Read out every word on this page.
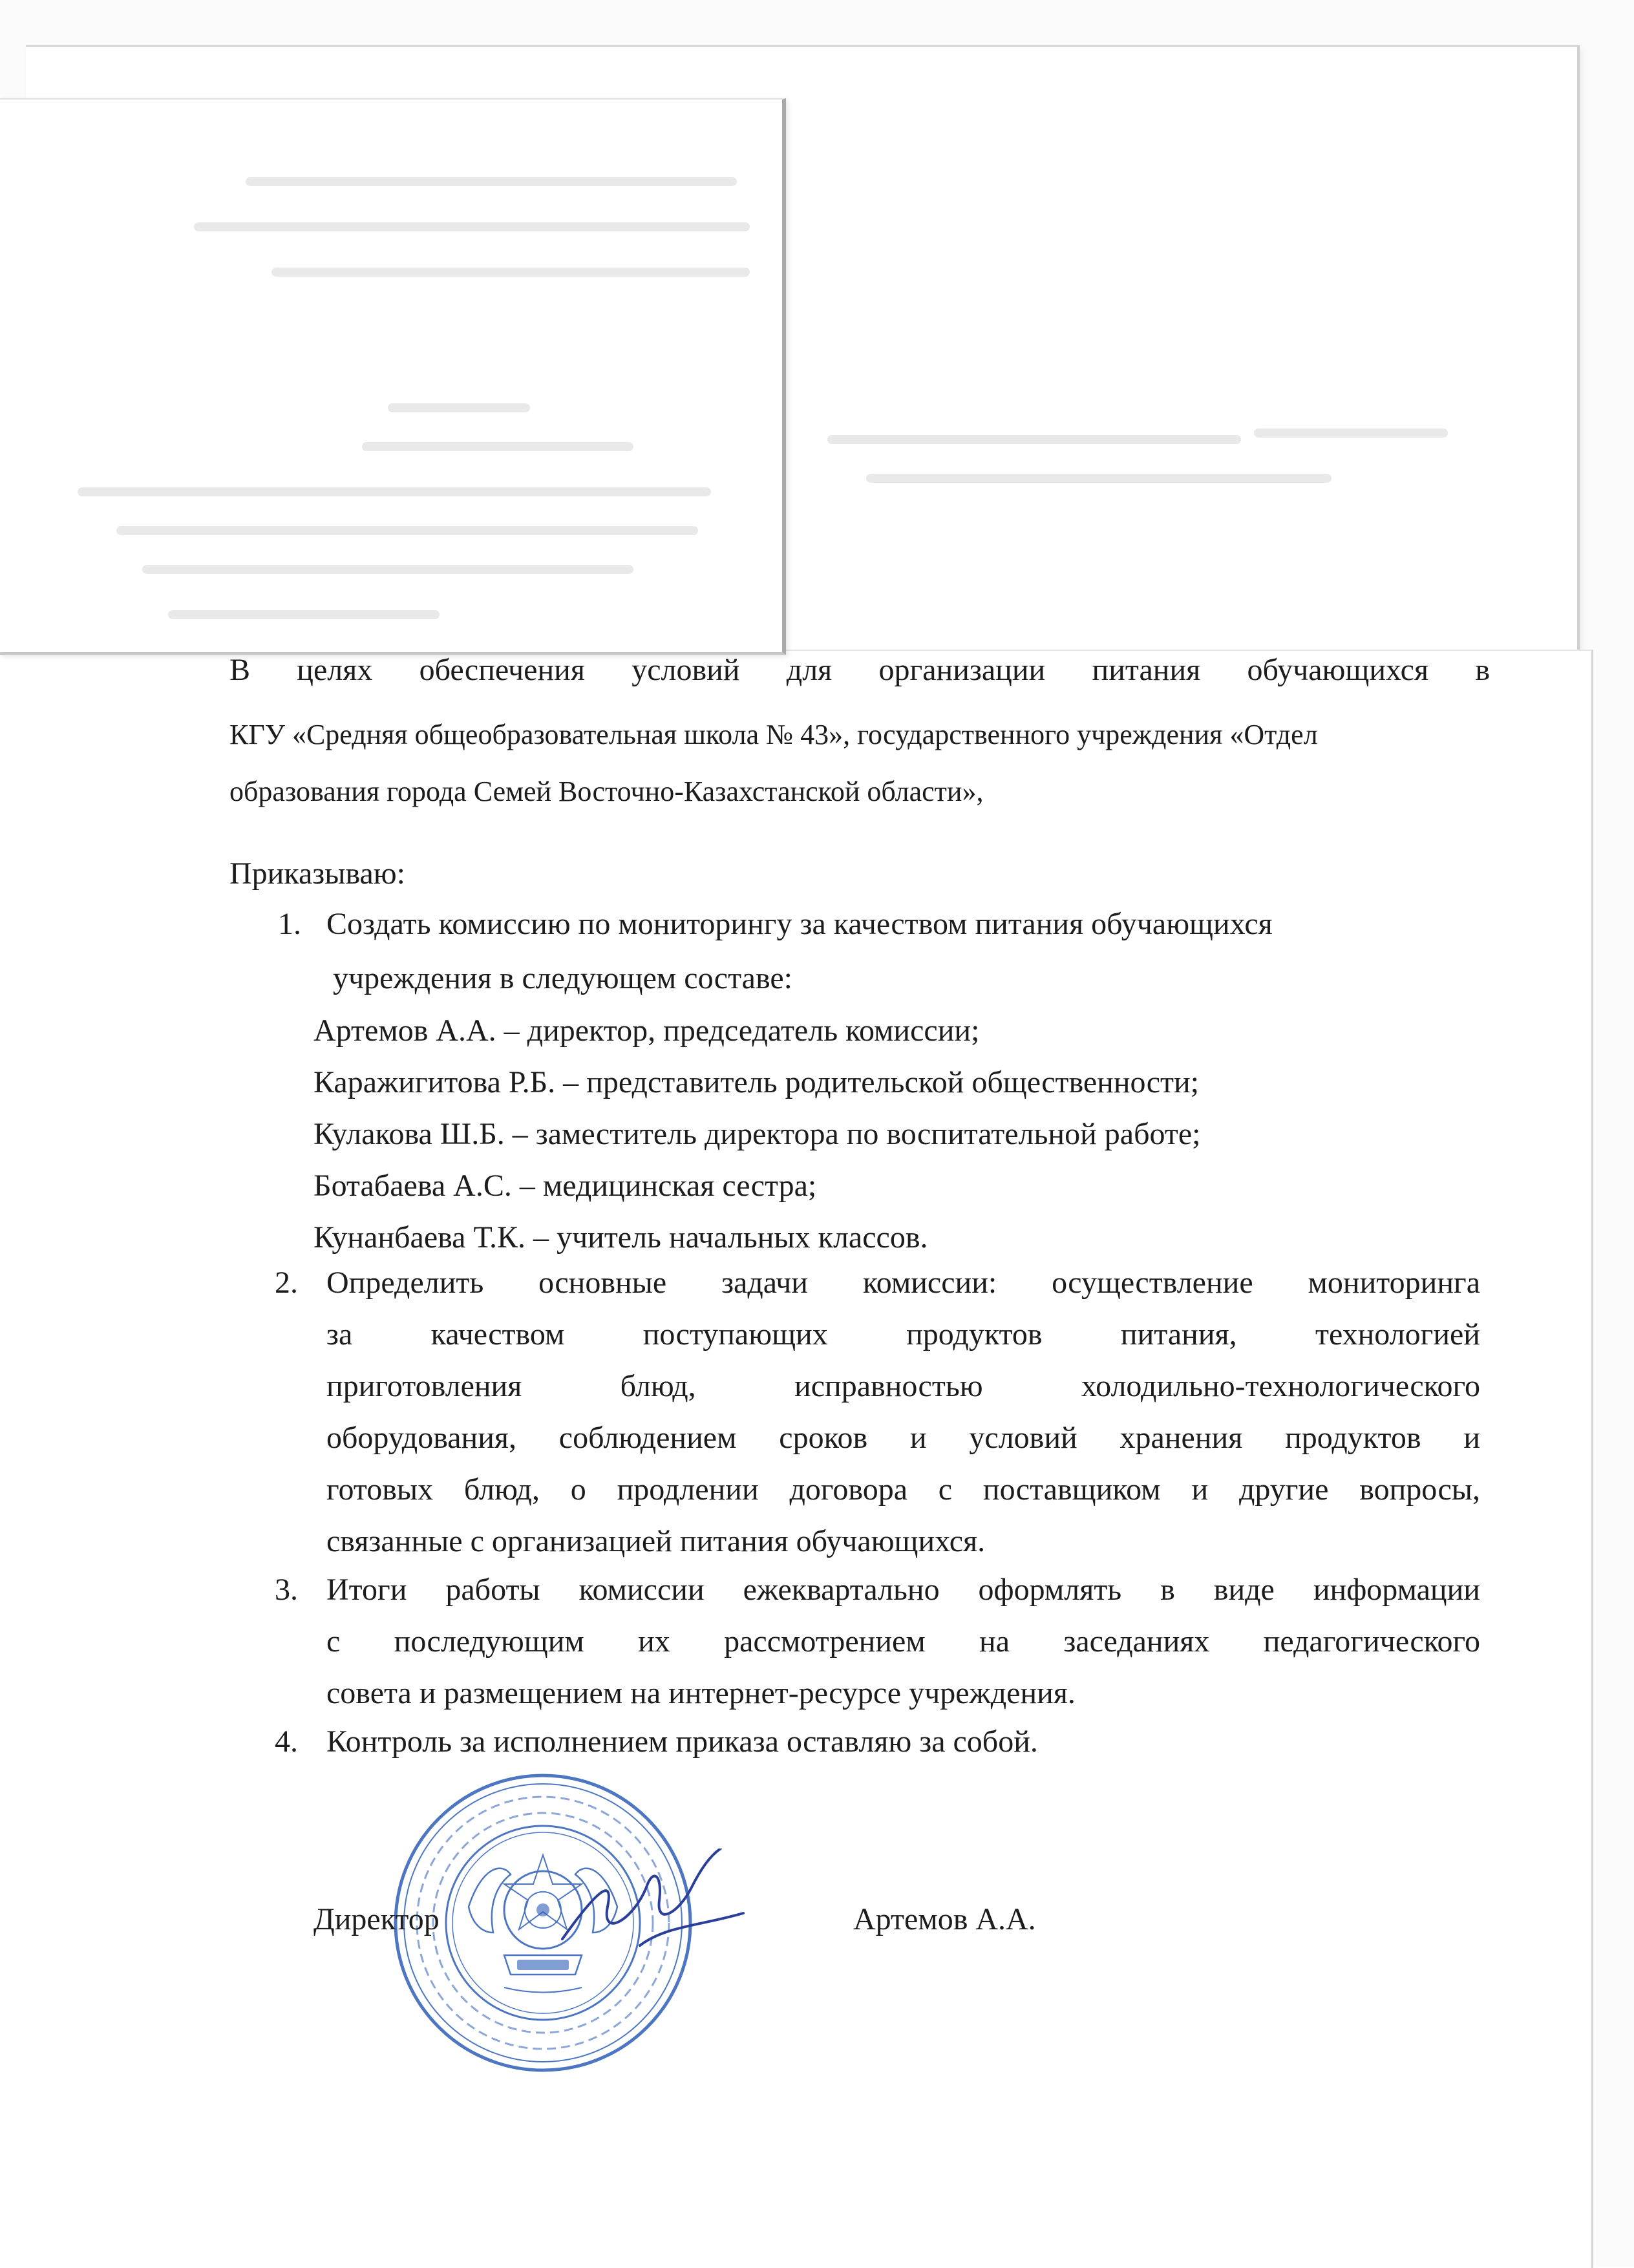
В целях обеспечения условий для организации питания обучающихся в
КГУ «Средняя общеобразовательная школа № 43», государственного учреждения «Отдел
образования города Семей Восточно-Казахстанской области»,
Приказываю:
1. Создать комиссию по мониторингу за качеством питания обучающихся
учреждения в следующем составе:
Артемов А.А. – директор, председатель комиссии;
Каражигитова Р.Б. – представитель родительской общественности;
Кулакова Ш.Б. – заместитель директора по воспитательной работе;
Ботабаева А.С. – медицинская сестра;
Кунанбаева Т.К. – учитель начальных классов.
2. Определить основные задачи комиссии: осуществление мониторинга
за качеством поступающих продуктов питания, технологией
приготовления блюд, исправностью холодильно-технологического
оборудования, соблюдением сроков и условий хранения продуктов и
готовых блюд, о продлении договора с поставщиком и другие вопросы,
связанные с организацией питания обучающихся.
3. Итоги работы комиссии ежеквартально оформлять в виде информации
с последующим их рассмотрением на заседаниях педагогического
совета и размещением на интернет-ресурсе учреждения.
4. Контроль за исполнением приказа оставляю за собой.
Директор	Артемов А.А.
